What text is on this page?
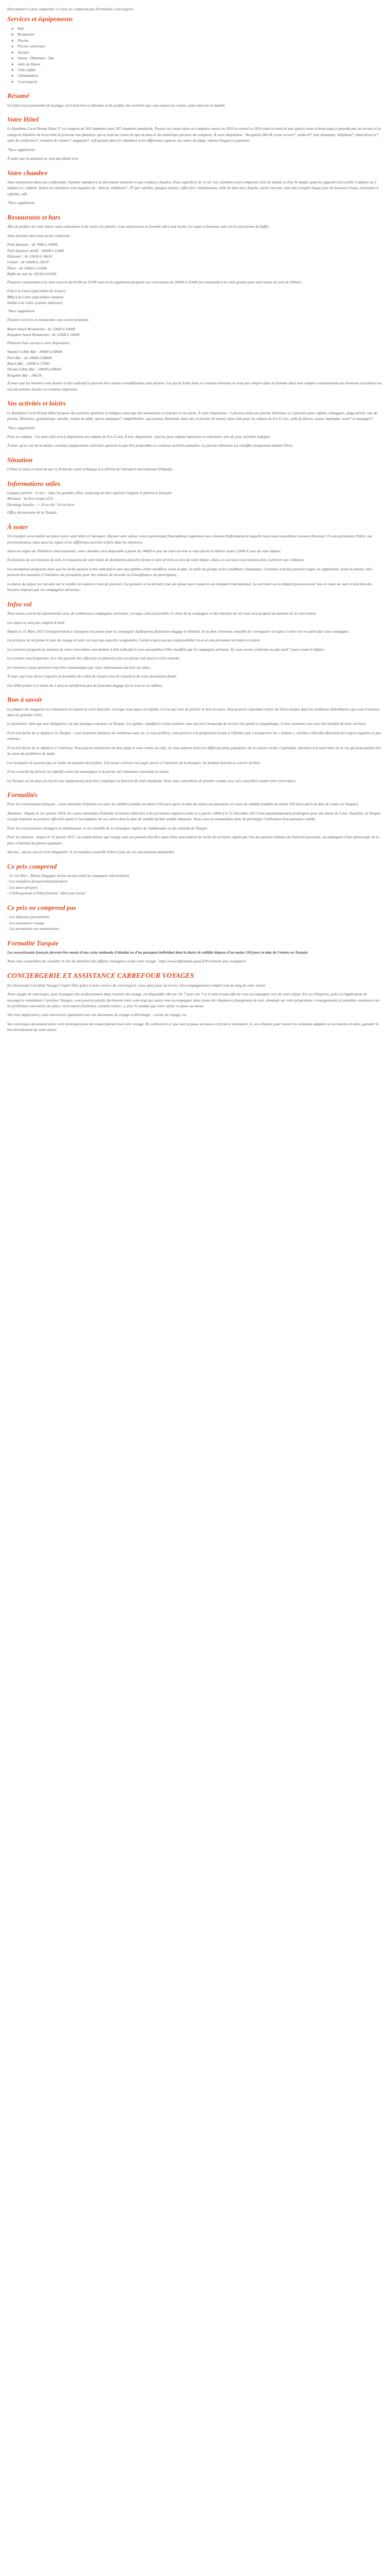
Description Ce prix comprend / Ce prix ne comprend pas Formalités Conciergerie

Services et équipements
◦ Wifi
◦ Restaurant
◦ Piscine
◦ Piscine extérieure
◦ Jacuzzi
◦ Sauna - Hammam - Spa
◦ Salle de fitness
◦ Club enfant
◦ Climatisation
◦ Conciergerie
Résumé

Un hôtel tout à proximité de la plage, où il fera bon se détendre et de profiter des activités que vous saurez ne croyiez, entre amis ou en famille.

Votre Hôtel

Le Kandima Coral Dream Hotel 5* se compose de 365 chambres dont 307 chambres standards. Peuvez vos cortes dans un complexe ouvert en 2010 et rénové en 2019 situé en bord de mer (partie toute à beaucoup) et possède par un terrain et la catégorie hôtelière de la terrible la présente une fantaisie, qui se rend au centre de spa où dans le du numérique piscines du complexe. À votre disposition : Reception 24h/24, room service*, médecin* (sur demande), téléphone*, blanchisserie*, salle de conférence*, location de voiture*, magasins*, wifi gratuit dans les chambres et les différentes espaces, un centre de plage, chaises longues et parasols.

*Avec supplément

À noter que la animaux ne sont pas admis très.

Votre chambre

Vous séjournerez dans une confortable chambre standard à la décoration moderne et aux couleurs chaudes, d'une superficie de 21 m². Les chambres sont composées d'un de double et d'un lit simple ayant la capacité d'accueillir 3 adultes ou 2 adultes et 1 enfants. Toutes les chambres sont équipées de : balcon, téléphone*, TV par satellite, parquet (ainsi), coffre-fort, climatisation, salle de bain avec douche, sèche-cheveux, mini-bar (rempli chaque jour de boissons d'eau), nécessaire à café/thé, wifi.

*Avec supplément

Restaurants et bars

Afin de profiter de votre séjour sans contraintes et de varier les plaisirs, vous séjournerez en formule ultra tout inclus, les repas et boissons sont servis sous forme de buffet.

Votre formule ultra tout inclus comprend :

Petit déjeuner : de 7h00 à 10h00
Petit déjeuner tardif : 10h00 à 11h00
Déjeuner : de 12h30 à 14h30
Goûter : de 16h00 à 16h30
Dîner : de 19h00 à 21h00
Buffet de nuit de 23h30 à 01h00

Plusieurs restaurants à la carte ouverts du 01/04 au 31/09 sont servis également proposés sur réservation de 19h00 à 21h00 (un restaurant à la carte gratuit pour tout séjour au sein de l'hôtel) :

Fish à la Carte (spécialités de la mer)
BBQ à la Carte (spécialités viandes)
Italian à la Carte (cuisine italienne)

*Avec supplément

D'autres services et restaurants vous seront proposés :

Beach Snack Restaurant : de 12h00 à 16h00
Kingdom Snack Restaurant : de 12h00 à 16h00

Plusieurs bars seront à votre disposition :

Wander Lobby Bar : 10h00 à 00h00
Pool Bar : de 10h00 à 00h00
Beach Bar : 10h00 à 17h00
Dream Lobby Bar : 10h00 à 00h00
Kingdom Bar : 24h/24

À noter que les horaires sont donnés à titre indicatif et peuvent être soumis à modification sans préavis. Les jus de fruits frais et certaines boissons ne sont pas compris dans la formule ultra tout compris contrairement aux boissons alcoolisées ou non alcoolisées locales et certaines importées.

Vos activités et loisirs

Le Kandima Coral Dream Hôtel propose des activités sportives et ludiques ainsi que des animations en journée et en soirée. À votre disposition : 2 piscines dont une piscine intérieure et 2 piscines pour enfants, toboggans, plage privée, aux de piscine, fléchettes, gymnastique, aérobic, tennis de table, sports nautiques*, amphithéâtre, spa (sauna, Hammam, bain turc et piscine de salon), mini-club pour les enfants de 4 à 12 ans, salle de fitness, sauna, hammam, soins* et massages*.

*Avec supplément

Pour les enfants : Un mini-club sera à disposition des enfants de 4 à 12 ans. À leur disposition : piscine pour enfants intérieure et extérieure, aire de jeux, activités ludiques.

À noter qu'en cas de la météo, certaines équipements extérieurs peuvent ne pas être praticables et certaines activités annulées. La piscine intérieure est chauffée uniquement durant l'hiver.

Situation

L'hôtel se situe en bord de mer à 20 km du centre d'Alanya et à 100 km de l'aéroport international d'Antalya.

Informations utiles
Langues parlées : le turc : dans les grandes villes, beaucoup de turcs parlent l'anglais le parlent le français
Monnaie : la livre turque (LT)
Décalage horaire : + 2h en été / 1h en hiver

Office du tourisme de la Turquie

À noter

Un transfert sera réalisé sur place entre votre hôtel et l'aéroport. Durant votre séjour, votre représentant francophone organisera une réunion d'information à laquelle nous vous conseillons vivement d'assister. Il vous présentera l'hôtel, son fonctionnement, mais aussi la région et les différentes activités à faire dans les alentours.

Selon les règles de l'hôtellerie internationale, votre chambre sera disponible à partir de 14h00 le jour de votre arrivée et vous devrez la libérer avant 12h00 le jour de votre départ.

En fonction de vos horaires de vols, le restaurant de votre hôtel de destination peut être fermé à votre arrivée ou lors de votre départ. Dans ce cas nous vous invitons donc à prévoir une collation.

Les prestations proposées ainsi que les tarifs passent à titre indicatif et sont susceptibles d'être modifiées selon la date, la taille du groupe et les conditions climatiques. Certaines activités peuvent exiger un supplément. Selon la saison, elles peuvent être annulées à l'initiative du prestataire pour des raisons de sécurité ou d'insuffisance de participants.

La durée du séjour est calculée sur le nombre de nuitées et non de journées. La première et la dernière jour du séjour sont consacrés au transport international. Les arrivées ou les départs peuvent avoir lieu en cours de nuit en fonction des horaires imposés par les compagnies aériennes.

Infos vol

Nous avons conclu des partenariats avec de nombreuses compagnies aériennes. Lorsque cela est possible, le choix de la compagnie et des horaires de vol vous sera proposé au moment de la réservation.

Les repas ne sont pas compris à bord.

Depuis le 31 Mars 2013 l'enregistrement à l'aéroport est assuré pour la compagnie SunExpress (franchises bagage et illimité). Il est donc vivement conseillé de s'enregistrer en ligne si votre vol est opéré par cette compagnie.

La présence de la femme le jour du voyage et votre vol sont une autorité cosignataire, l'avion n'aura aucune responsabilité vis-à-vis des personnes arrivant en retard.

Les horaires proposés au moment de votre réservation sont donnés à titre indicatif et sont susceptibles d'être modifiés par la compagnie aérienne. Ils vous seront confirmés au plus tard 7 jours avant le départ.

Les escales sont fréquentes. Les vols peuvent être effectués en plusieurs fois (en pleine nuit aussi) et être retardés.

Les horaires retour pourront vous être communiqués par votre représentant une fois sur place.

À noter que vous devez respecter la formalité des villes de transit (visa de transit) et de votre destination finale.

Les bébés (entre 0 et moins de 2 ans) ne bénéficient pas de franchise bagage (et ne sont ni en cabine).

Bon à savoir

La plupart des magasins ou restaurants acceptent la carte bancaire. Lorsque vous payez en liquide, il n'est pas rare de prévoir le bon en euros. Vous pourrez cependant retirer de livres turques dans les nombreux distributeurs que vous trouverez dans les grandes villes.

Le pourboire, bien que non obligatoire, est une pratique courante en Turquie. Les guides, chauffeurs et bus-trainees vous ont servi beaucoup de service très gentil et sympathique, il sera rarement vous avez été satisfait de leurs services.

Il est très facile de se déplacer en Turquie : vous trouverez aisément de nombreux taxis ou, si vous préférez, vous pourrez à la proposition locale à l'hôtelier par a transporter les « dolmus », minibus collectifs effectuant des trajets réguliers et peu onéreux.

Il est très facile de se déplacer à l'intérieur. Vous pouvez néanmoins un bon repas et vous rendre au café, où vous aimerez boire les différents plats populaires de la cuisine locale. Cependant, attention à la nourriture de la rue qui peut parfois être la cause de problèmes de santé.

Les mosquées ne peuvent pas se visiter au moment des prières. Une tenue correcte est exigée (avoir à l'intérieur de la mosquée, les femmes doivent se couvrir la tête).

Il est conseillé de prévoir un répulsif contre les moustiques et de porter des vêtements couvrants en soirée.

La Turquie est un pays où l'accès aux équipements peut être compliqué en fonction de votre handicap. Nous vous conseillons de prendre contact avec nos conseillers avant votre réservation.

Formalités

Pour les ressortissants français : carte nationale d'identité en cours de validité (valable au moins 150 jours après la date de retour) ou passeport en cours de validité (valable au moins 150 jours après la date de retour en Turquie).

Attention : Depuis le 1er janvier 2014, les cartes nationales d'identité sécurisées délivrées à des personnes majeures entre le 2 janvier 2004 et le 31 décembre 2013 sont automatiquement prolongées pour une durée de 5 ans. Toutefois, la Turquie n'a pas transmis sa position officielle quant à l'acceptation de ces cartes dont la date de validité faciale semble dépassée. Nous vous recommandons donc de privilégier l'utilisation d'un passeport valide.

Pour les ressortissants étrangers ou binationaux, il est conseillé de se renseigner auprès de l'ambassade ou du consulat de Turquie.

Pour les mineurs : depuis le 15 janvier 2017, un enfant mineur qui voyage sans ses parents doit être muni d'une autorisation de sortie de territoire signée par l'un des parents titulaire de l'autorité parentale, accompagnée d'une photocopie de la pièce d'identité du parent signataire.

Vaccins : aucun vaccin n'est obligatoire. Il est toutefois conseillé d'être à jour de vos vaccinations habituelles.

Ce prix comprend
- Le vol Aller - Retour (bagages inclus ou non selon la compagnie sélectionnée)
- Les transferts aéroport/hôtel/aéroport
- Les taxes aéroport
- L'hébergement à l'hôtel formule "ultra tout inclus"
Ce prix ne comprend pas
- Les dépenses personnelles
- Les assurances voyage
- Les prestations non mentionnées
Formalité Turquie

Les ressortissants français devront être munis d'une carte nationale d'identité ou d'un passeport individuel dont la durée de validité dépasse d'au moins 150 jours la date de l'entrée en Turquie.

Nous vous conseillons de consulter le site du ministère des affaires étrangères avant votre voyage : http://www.diplomatie.gouv.fr/fr/conseils-aux-voyageurs/

CONCIERGERIE ET ASSISTANCE CARREFOUR VOYAGES

En choisissant Carrefour Voyages l'esprit libre grâce à notre service de conciergerie, vous optez pour un service d'accompagnement complet tout au long de votre séjour.

Notre équipe de concierges, pour la plupart des professionnels dans l'univers du voyage, est disponible 24h sur 24, 7 jours sur 7 et à votre écoute afin de vous accompagner lors de votre séjour. En cas d'imprévu, grâce à l'application de messagerie instantanée Carrefour Voyages, vous pourrez joindre facilement votre concierge qui saura vous accompagner dans toutes les situations (changement de vols, demande sur votre programme, renseignements à connaître, assistance sur les problèmes rencontrés sur place, réservation d'activités, conseils visites...), avec le souhait que votre séjour se passe au mieux.

Via votre application, vous retrouverez également tous vos documents de voyage à télécharger : carnet de voyage, etc.

Vos concierges deviennent alors votre principal point de contact durant tout votre voyage. Ils veilleront à ce que tout se passe au mieux et feront le nécessaire, le cas échéant, pour trouver les solutions adaptées à vos besoins et ainsi, garantir le bon déroulement de votre séjour.
